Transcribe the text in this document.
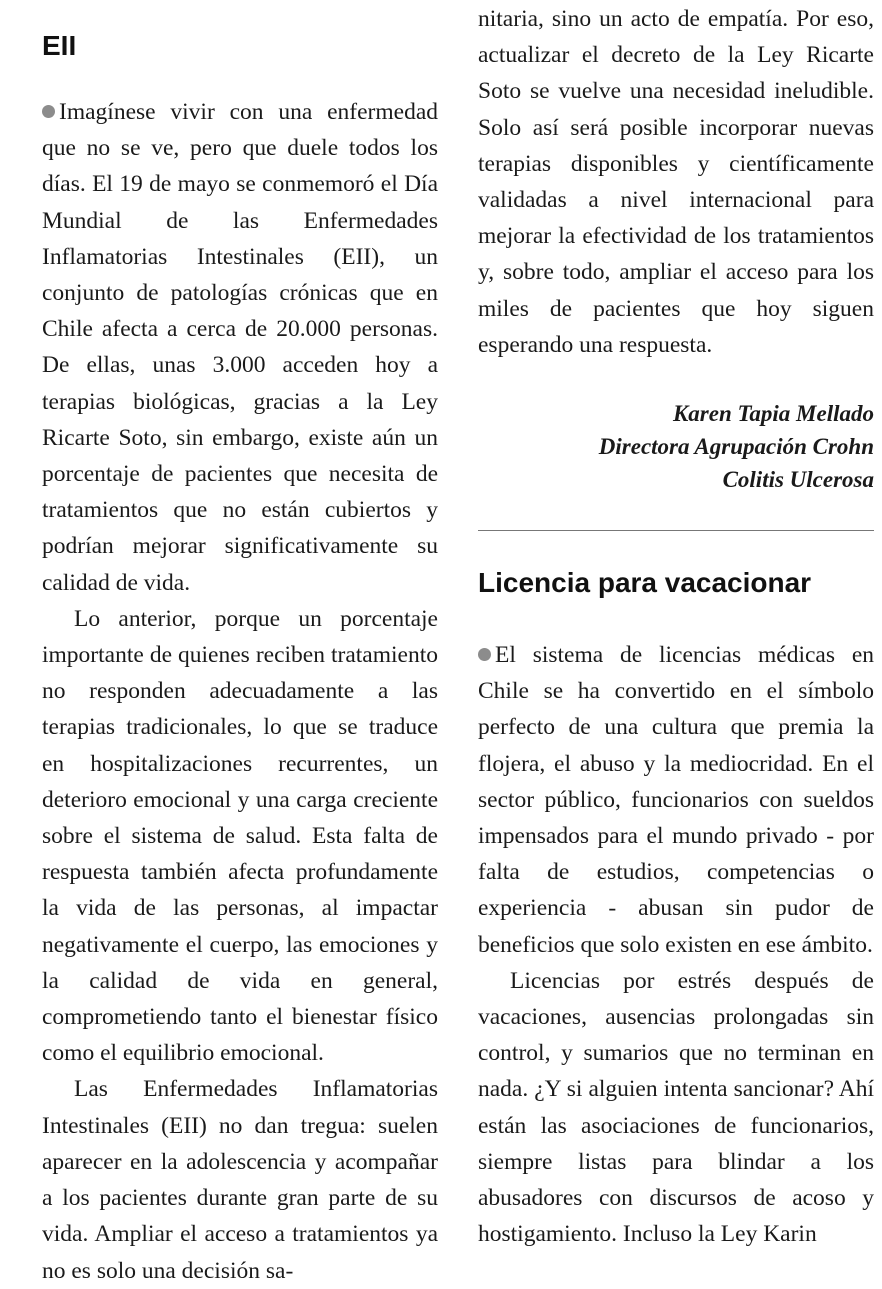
EII

Imagínese vivir con una enfermedad que no se ve, pero que duele todos los días. El 19 de mayo se conmemoró el Día Mundial de las Enfermedades Inflamatorias Intestinales (EII), un conjunto de patologías crónicas que en Chile afecta a cerca de 20.000 personas. De ellas, unas 3.000 acceden hoy a terapias biológicas, gracias a la Ley Ricarte Soto, sin embargo, existe aún un porcentaje de pacientes que necesita de tratamientos que no están cubiertos y podrían mejorar significativamente su calidad de vida.

Lo anterior, porque un porcentaje importante de quienes reciben tratamiento no responden adecuadamente a las terapias tradicionales, lo que se traduce en hospitalizaciones recurrentes, un deterioro emocional y una carga creciente sobre el sistema de salud. Esta falta de respuesta también afecta profundamente la vida de las personas, al impactar negativamente el cuerpo, las emociones y la calidad de vida en general, comprometiendo tanto el bienestar físico como el equilibrio emocional.

Las Enfermedades Inflamatorias Intestinales (EII) no dan tregua: suelen aparecer en la adolescencia y acompañar a los pacientes durante gran parte de su vida. Ampliar el acceso a tratamientos ya no es solo una decisión sa-

nitaria, sino un acto de empatía. Por eso, actualizar el decreto de la Ley Ricarte Soto se vuelve una necesidad ineludible. Solo así será posible incorporar nuevas terapias disponibles y científicamente validadas a nivel internacional para mejorar la efectividad de los tratamientos y, sobre todo, ampliar el acceso para los miles de pacientes que hoy siguen esperando una respuesta.

Karen Tapia Mellado
Directora Agrupación Crohn
Colitis Ulcerosa
Licencia para vacacionar

El sistema de licencias médicas en Chile se ha convertido en el símbolo perfecto de una cultura que premia la flojera, el abuso y la mediocridad. En el sector público, funcionarios con sueldos impensados para el mundo privado - por falta de estudios, competencias o experiencia - abusan sin pudor de beneficios que solo existen en ese ámbito.

Licencias por estrés después de vacaciones, ausencias prolongadas sin control, y sumarios que no terminan en nada. ¿Y si alguien intenta sancionar? Ahí están las asociaciones de funcionarios, siempre listas para blindar a los abusadores con discursos de acoso y hostigamiento. Incluso la Ley Karin
